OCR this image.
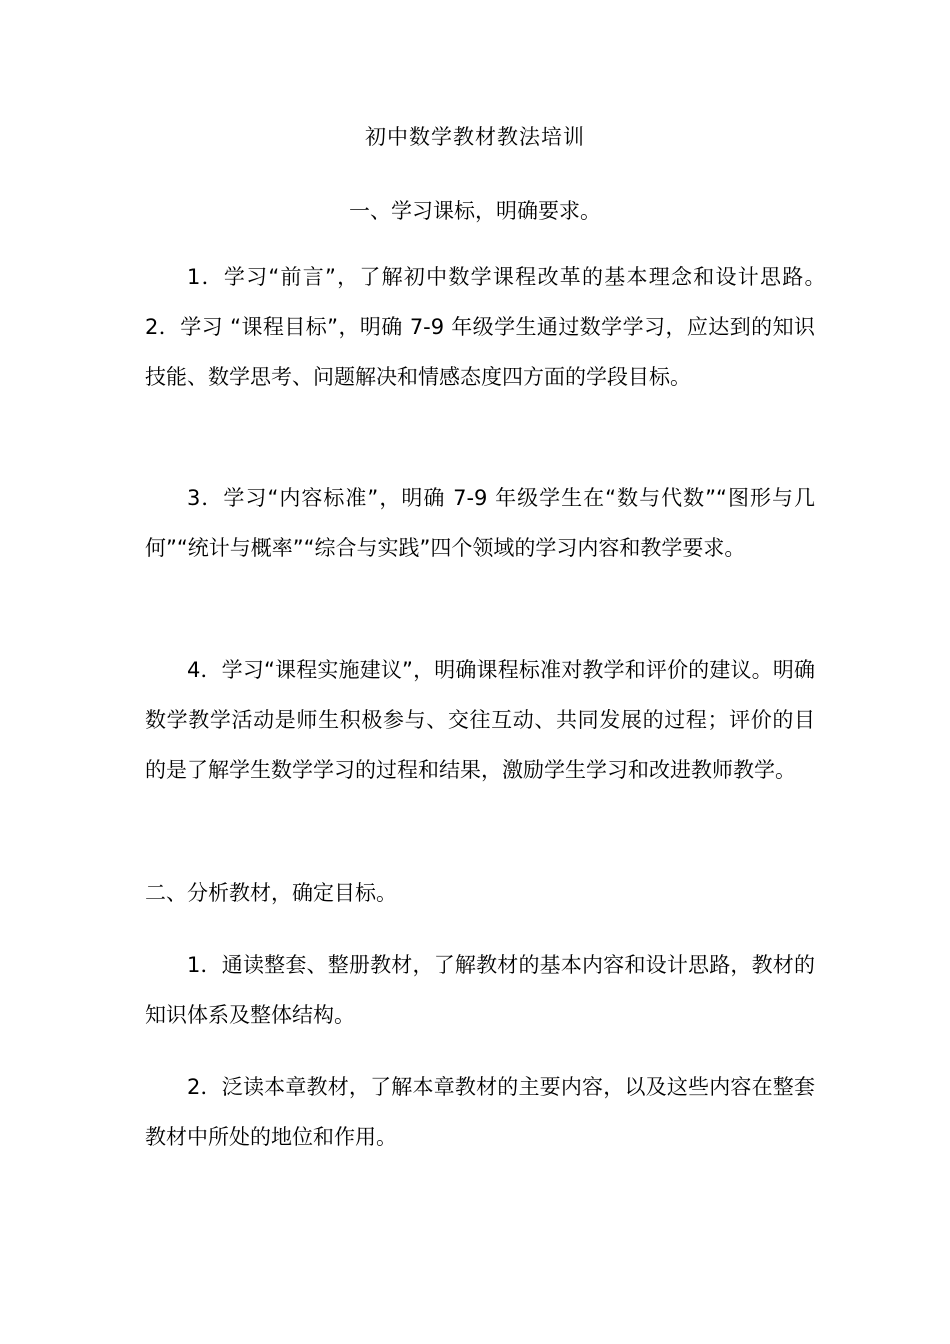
初中数学教材教法培训
一、学习课标，明确要求。

1．学习“前言”，了解初中数学课程改革的基本理念和设计思路。　　2．学习 “课程目标”，明确 7-9 年级学生通过数学学习，应达到的知识技能、数学思考、问题解决和情感态度四方面的学段目标。

3．学习“内容标准”，明确 7-9 年级学生在“数与代数”“图形与几何”“统计与概率”“综合与实践”四个领域的学习内容和教学要求。

4．学习“课程实施建议”，明确课程标准对教学和评价的建议。明确数学教学活动是师生积极参与、交往互动、共同发展的过程；评价的目的是了解学生数学学习的过程和结果，激励学生学习和改进教师教学。

二、分析教材，确定目标。

1．通读整套、整册教材，了解教材的基本内容和设计思路，教材的知识体系及整体结构。

2．泛读本章教材，了解本章教材的主要内容，以及这些内容在整套教材中所处的地位和作用。
